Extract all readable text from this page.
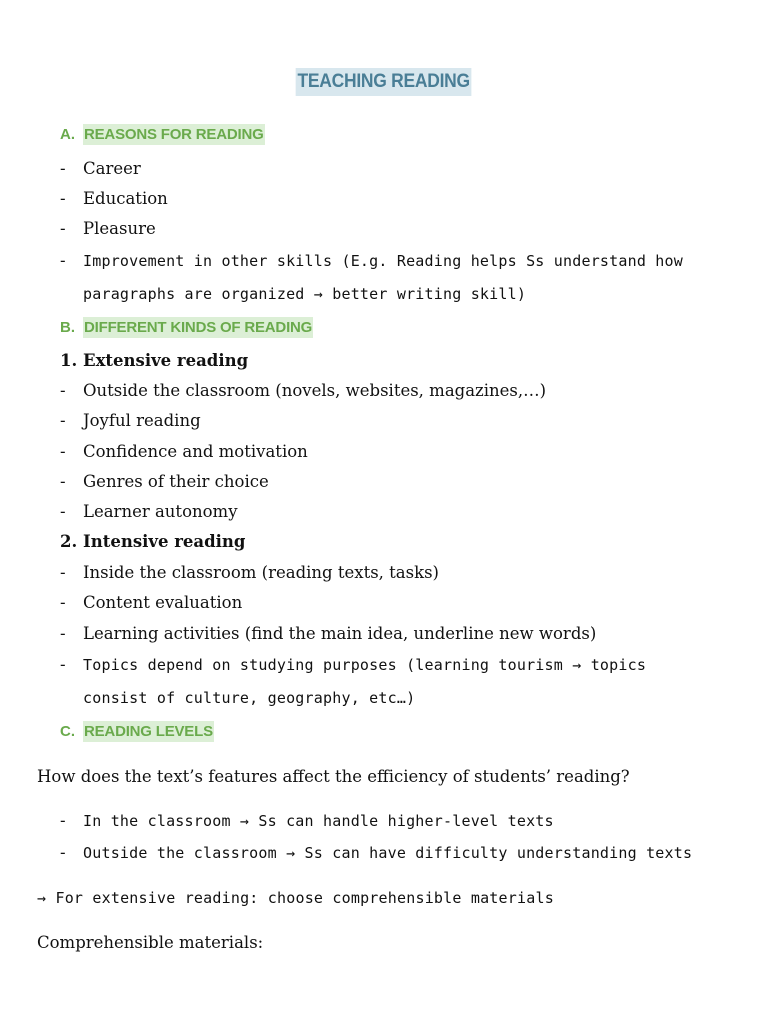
TEACHING READING
A. REASONS FOR READING
-	Career
-	Education
-	Pleasure
-	Improvement in other skills (E.g. Reading helps Ss understand how
paragraphs are organized → better writing skill)
B. DIFFERENT KINDS OF READING
1. Extensive reading
-	Outside the classroom (novels, websites, magazines,…)
-	Joyful reading
-	Confidence and motivation
-	Genres of their choice
-	Learner autonomy
2. Intensive reading
-	Inside the classroom (reading texts, tasks)
-	Content evaluation
-	Learning activities (find the main idea, underline new words)
-	Topics depend on studying purposes (learning tourism → topics
consist of culture, geography, etc…)
C. READING LEVELS
How does the text’s features affect the efficiency of students’ reading?
-	In the classroom → Ss can handle higher-level texts
-	Outside the classroom → Ss can have difficulty understanding texts
→ For extensive reading: choose comprehensible materials
Comprehensible materials:
